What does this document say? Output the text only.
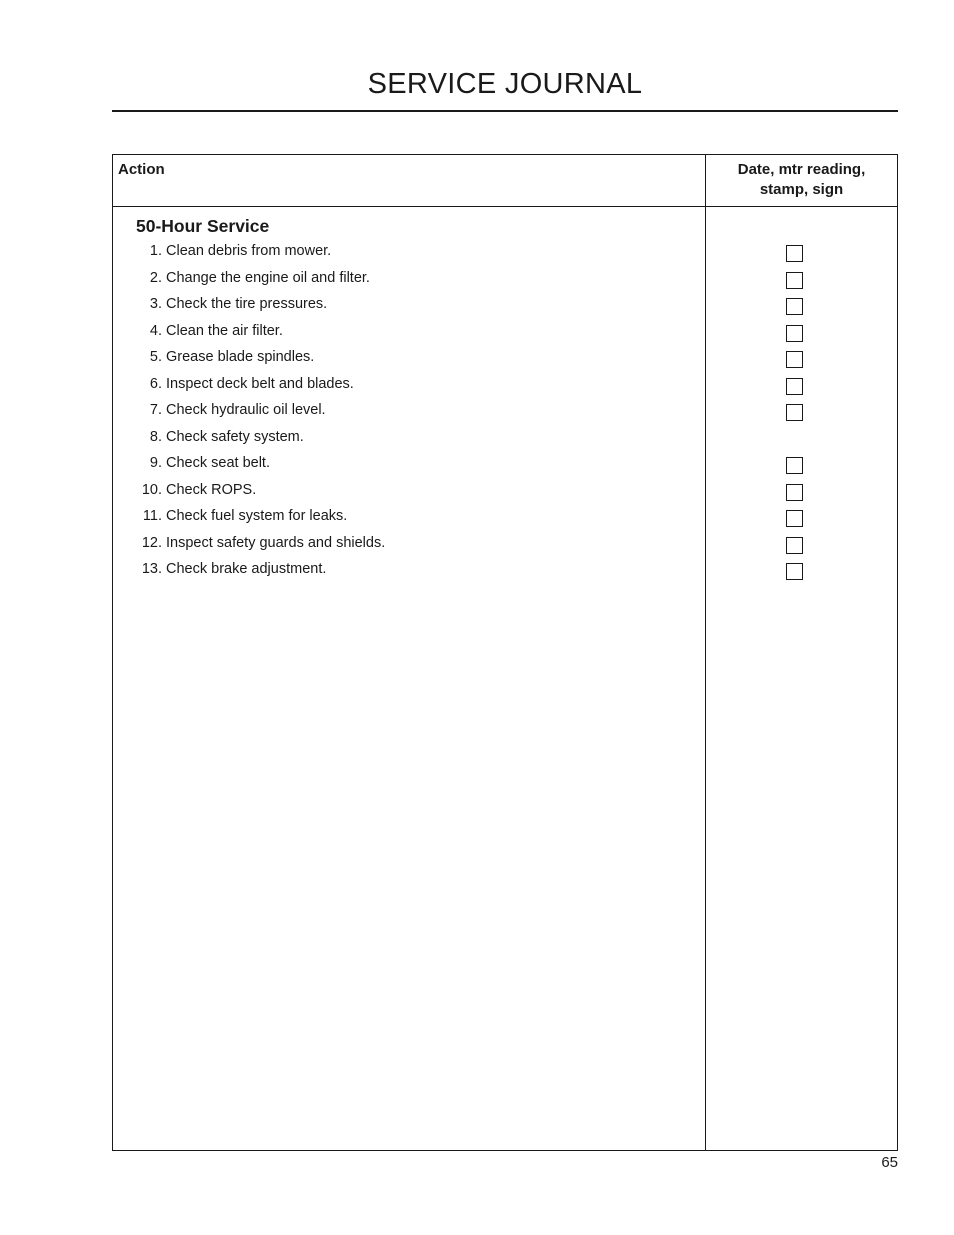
SERVICE JOURNAL
Action	Date, mtr reading,
stamp, sign
50-Hour Service
1. Clean debris from mower.
2. Change the engine oil and filter.
3. Check the tire pressures.
4. Clean the air filter.
5. Grease blade spindles.
6. Inspect deck belt and blades.
7. Check hydraulic oil level.
8. Check safety system.
9. Check seat belt.
10. Check ROPS.
11. Check fuel system for leaks.
12. Inspect safety guards and shields.
13. Check brake adjustment.
65
